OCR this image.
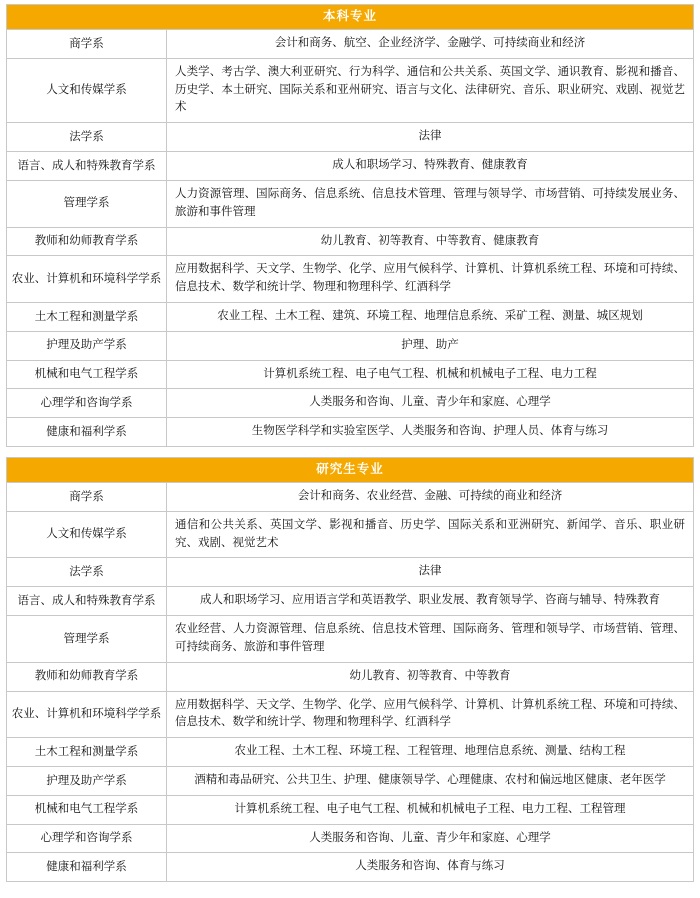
本科专业	
商学系	会计和商务、航空、企业经济学、金融学、可持续商业和经济
人文和传媒学系	人类学、考古学、澳大利亚研究、行为科学、通信和公共关系、英国文学、通识教育、影视和播音、历史学、本土研究、国际关系和亚州研究、语言与文化、法律研究、音乐、职业研究、戏剧、视觉艺术
法学系	法律
语言、成人和特殊教育学系	成人和职场学习、特殊教育、健康教育
管理学系	人力资源管理、国际商务、信息系统、信息技术管理、管理与领导学、市场营销、可持续发展业务、旅游和事件管理
教师和幼师教育学系	幼儿教育、初等教育、中等教育、健康教育
农业、计算机和环境科学学系	应用数据科学、天文学、生物学、化学、应用气候科学、计算机、计算机系统工程、环境和可持续、信息技术、数学和统计学、物理和物理科学、红酒科学
土木工程和测量学系	农业工程、土木工程、建筑、环境工程、地理信息系统、采矿工程、测量、城区规划
护理及助产学系	护理、助产
机械和电气工程学系	计算机系统工程、电子电气工程、机械和机械电子工程、电力工程
心理学和咨询学系	人类服务和咨询、儿童、青少年和家庭、心理学
健康和福利学系	生物医学科学和实验室医学、人类服务和咨询、护理人员、体育与练习
研究生专业	
商学系	会计和商务、农业经营、金融、可持续的商业和经济
人文和传媒学系	通信和公共关系、英国文学、影视和播音、历史学、国际关系和亚洲研究、新闻学、音乐、职业研究、戏剧、视觉艺术
法学系	法律
语言、成人和特殊教育学系	成人和职场学习、应用语言学和英语教学、职业发展、教育领导学、咨商与辅导、特殊教育
管理学系	农业经营、人力资源管理、信息系统、信息技术管理、国际商务、管理和领导学、市场营销、管理、可持续商务、旅游和事件管理
教师和幼师教育学系	幼儿教育、初等教育、中等教育
农业、计算机和环境科学学系	应用数据科学、天文学、生物学、化学、应用气候科学、计算机、计算机系统工程、环境和可持续、信息技术、数学和统计学、物理和物理科学、红酒科学
土木工程和测量学系	农业工程、土木工程、环境工程、工程管理、地理信息系统、测量、结构工程
护理及助产学系	酒精和毒品研究、公共卫生、护理、健康领导学、心理健康、农村和偏远地区健康、老年医学
机械和电气工程学系	计算机系统工程、电子电气工程、机械和机械电子工程、电力工程、工程管理
心理学和咨询学系	人类服务和咨询、儿童、青少年和家庭、心理学
健康和福利学系	人类服务和咨询、体育与练习
